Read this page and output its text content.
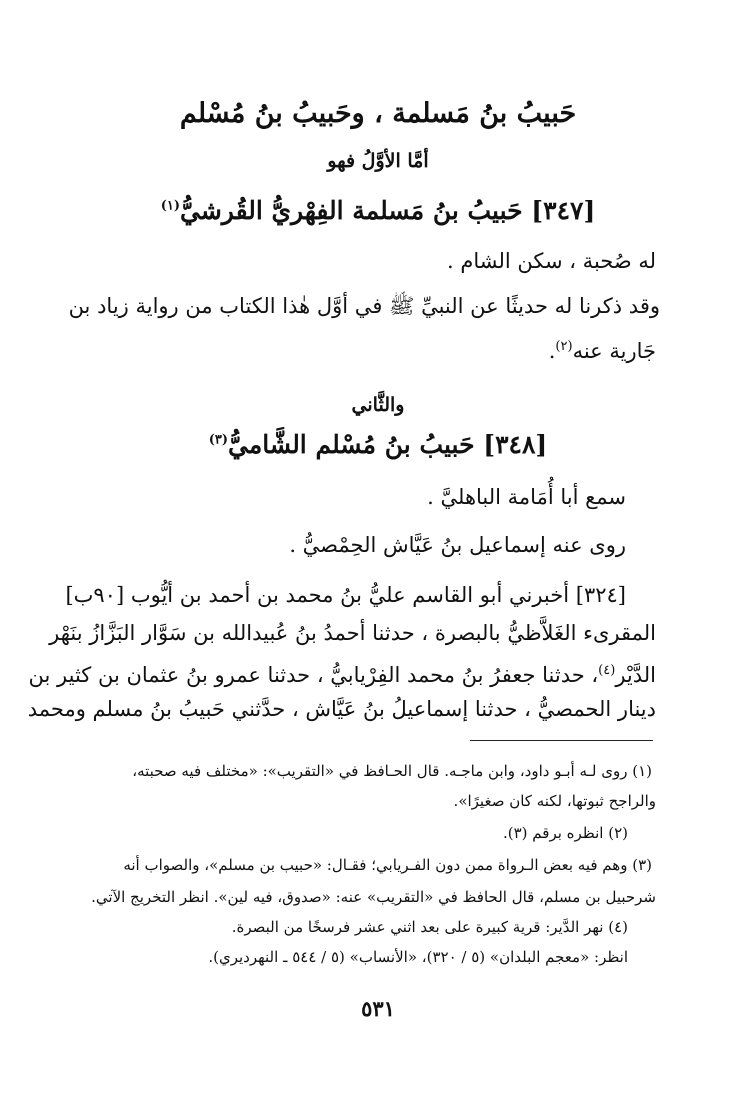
حَبيبُ بنُ مَسلمة ، وحَبيبُ بنُ مُسْلم
أمَّا الأوَّلُ فهو
[٣٤٧] حَبيبُ بنُ مَسلمة الفِهْريُّ القُرشيُّ$^{(١)}$
له صُحبة ، سكن الشام .
وقد ذكرنا له حديثًا عن النبيِّ ﷺ في أوَّل هٰذا الكتاب من رواية زياد بن
جَارية عنه$^{(٢)}$.
والثَّاني
[٣٤٨] حَبيبُ بنُ مُسْلم الشَّاميُّ$^{(٣)}$
سمع أبا أُمَامة الباهليَّ .
روى عنه إسماعيل بنُ عَيَّاش الحِمْصيُّ .
[٣٢٤] أخبرني أبو القاسم عليُّ بنُ محمد بن أحمد بن أيُّوب [٩٠ب]
المقرىء الغَلاَّظيُّ بالبصرة ، حدثنا أحمدُ بنُ عُبيدالله بن سَوَّار البَزَّازُ بنَهْر
الدَّيْر$^{(٤)}$، حدثنا جعفرُ بنُ محمد الفِرْيابيُّ ، حدثنا عمرو بنُ عثمان بن كثير بن
دينار الحمصيُّ ، حدثنا إسماعيلُ بنُ عَيَّاش ، حدَّثني حَبيبُ بنُ مسلم ومحمد
(١) روى لـه أبـو داود، وابن ماجـه. قال الحـافظ في «التقريب»: «مختلف فيه صحبته،
والراجح ثبوتها، لكنه كان صغيرًا».
(٢) انظره برقم (٣).
(٣) وهم فيه بعض الـرواة ممن دون الفـريابي؛ فقـال: «حبيب بن مسلم»، والصواب أنه
شرحبيل بن مسلم، قال الحافظ في «التقريب» عنه: «صدوق، فيه لين». انظر التخريج الآتي.
(٤) نهر الدَّير: قرية كبيرة على بعد اثني عشر فرسخًا من البصرة.
انظر: «معجم البلدان» (٥ / ٣٢٠)، «الأنساب» (٥ / ٥٤٤ ـ النهرديري).
٥٣١
